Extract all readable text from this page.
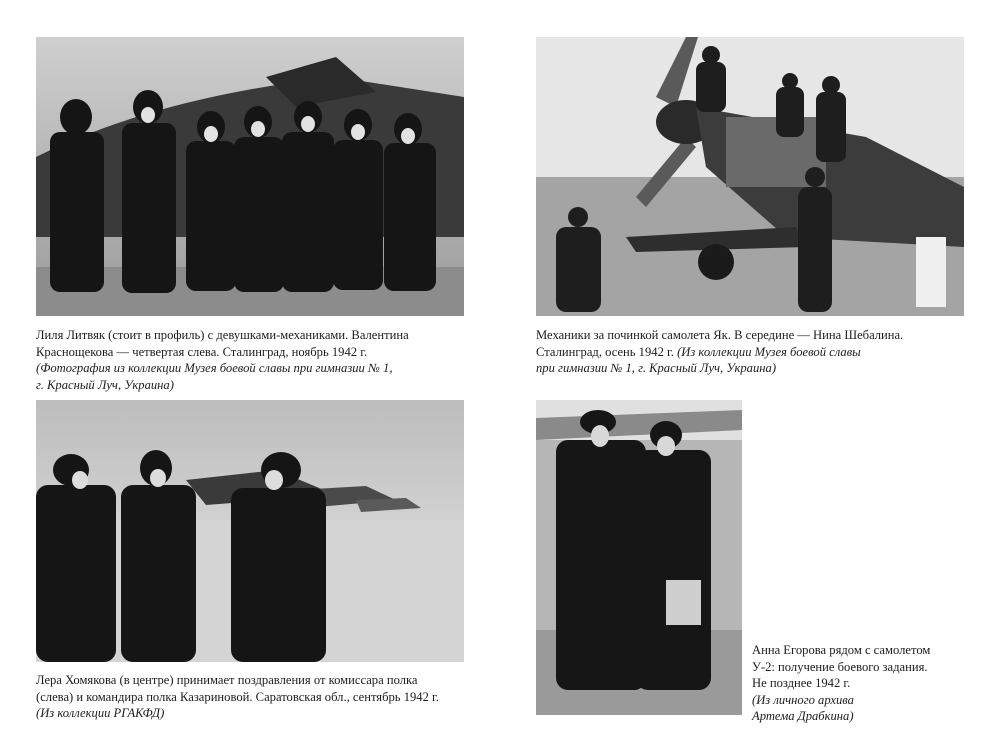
Лиля Литвяк (стоит в профиль) с девушками-механиками. Валентина
Краснощекова — четвертая слева. Сталинград, ноябрь 1942 г.
(Фотография из коллекции Музея боевой славы при гимназии № 1,
г. Красный Луч, Украина)
Механики за починкой самолета Як. В середине — Нина Шебалина.
Сталинград, осень 1942 г. (Из коллекции Музея боевой славы
при гимназии № 1, г. Красный Луч, Украина)
Лера Хомякова (в центре) принимает поздравления от комиссара полка
(слева) и командира полка Казариновой. Саратовская обл., сентябрь 1942 г.
(Из коллекции РГАКФД)
Анна Егорова рядом с самолетом
У-2: получение боевого задания.
Не позднее 1942 г.
(Из личного архива
Артема Драбкина)
